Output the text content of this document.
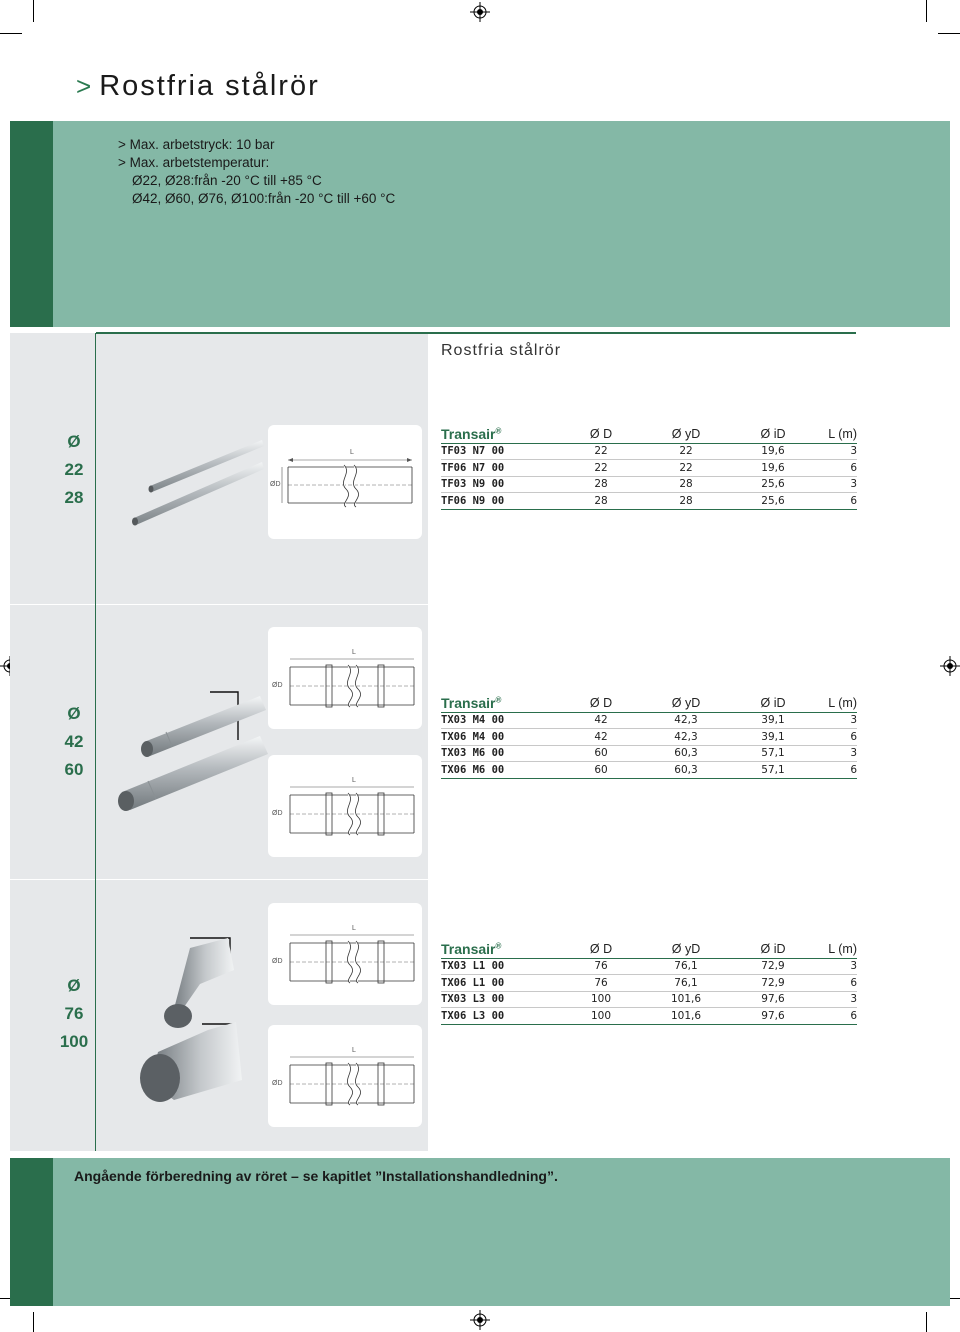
> Rostfria stålrör
> Max. arbetstryck: 10 bar
> Max. arbetstemperatur:
Ø22, Ø28:från -20 °C till +85 °C
Ø42, Ø60, Ø76, Ø100:från -20 °C till +60 °C
Rostfria stålrör
Ø
22
28
L
ØD
Transair®	Ø D	Ø yD	Ø iD	L (m)
TF03 N7 00	22	22	19,6	3
TF06 N7 00	22	22	19,6	6
TF03 N9 00	28	28	25,6	3
TF06 N9 00	28	28	25,6	6
Ø
42
60
L
ØD
L
ØD
Transair®	Ø D	Ø yD	Ø iD	L (m)
TX03 M4 00	42	42,3	39,1	3
TX06 M4 00	42	42,3	39,1	6
TX03 M6 00	60	60,3	57,1	3
TX06 M6 00	60	60,3	57,1	6
Ø
76
100
L
ØD
L
ØD
Transair®	Ø D	Ø yD	Ø iD	L (m)
TX03 L1 00	76	76,1	72,9	3
TX06 L1 00	76	76,1	72,9	6
TX03 L3 00	100	101,6	97,6	3
TX06 L3 00	100	101,6	97,6	6
Angående förberedning av röret – se kapitlet ”Installationshandledning”.
